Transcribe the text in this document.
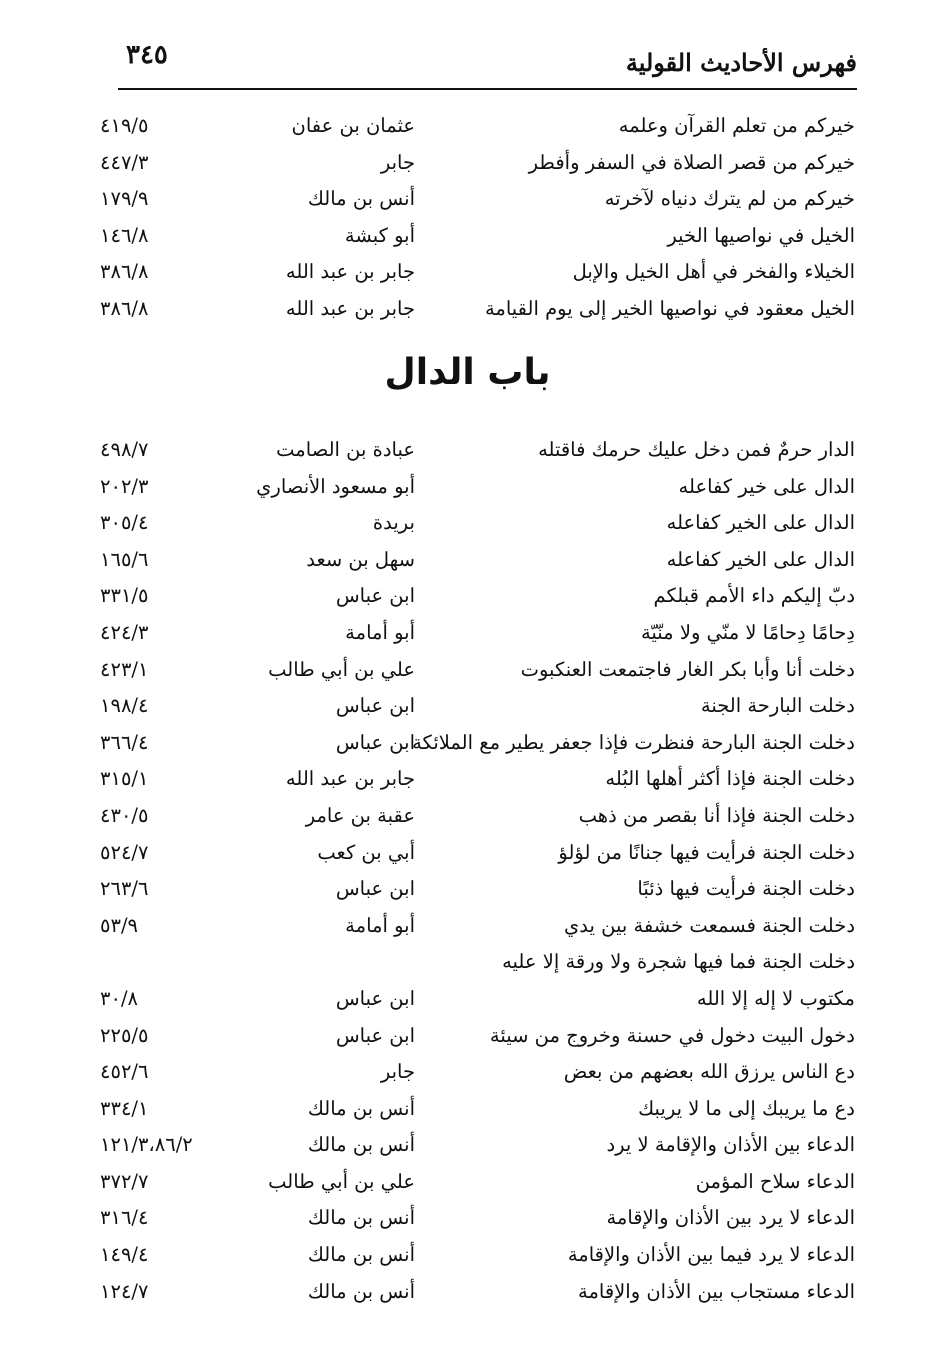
٣٤٥	فهرس الأحاديث القولية
خيركم من تعلم القرآن وعلمه
عثمان بن عفان
٤١٩/٥
خيركم من قصر الصلاة في السفر وأفطر
جابر
٤٤٧/٣
خيركم من لم يترك دنياه لآخرته
أنس بن مالك
١٧٩/٩
الخيل في نواصيها الخير
أبو كبشة
١٤٦/٨
الخيلاء والفخر في أهل الخيل والإبل
جابر بن عبد الله
٣٨٦/٨
الخيل معقود في نواصيها الخير إلى يوم القيامة
جابر بن عبد الله
٣٨٦/٨
باب الدال
الدار حرمٌ فمن دخل عليك حرمك فاقتله
عبادة بن الصامت
٤٩٨/٧
الدال على خير كفاعله
أبو مسعود الأنصاري
٢٠٢/٣
الدال على الخير كفاعله
بريدة
٣٠٥/٤
الدال على الخير كفاعله
سهل بن سعد
١٦٥/٦
دبّ إليكم داء الأمم قبلكم
ابن عباس
٣٣١/٥
دِحامًا دِحامًا لا منّي ولا منّيّة
أبو أمامة
٤٢٤/٣
دخلت أنا وأبا بكر الغار فاجتمعت العنكبوت
علي بن أبي طالب
٤٢٣/١
دخلت البارحة الجنة
ابن عباس
١٩٨/٤
دخلت الجنة البارحة فنظرت فإذا جعفر يطير مع الملائكة
ابن عباس
٣٦٦/٤
دخلت الجنة فإذا أكثر أهلها البُله
جابر بن عبد الله
٣١٥/١
دخلت الجنة فإذا أنا بقصر من ذهب
عقبة بن عامر
٤٣٠/٥
دخلت الجنة فرأيت فيها جنانًا من لؤلؤ
أبي بن كعب
٥٢٤/٧
دخلت الجنة فرأيت فيها ذئبًا
ابن عباس
٢٦٣/٦
دخلت الجنة فسمعت خشفة بين يدي
أبو أمامة
٥٣/٩
دخلت الجنة فما فيها شجرة ولا ورقة إلا عليه
مكتوب لا إله إلا الله
ابن عباس
٣٠/٨
دخول البيت دخول في حسنة وخروج من سيئة
ابن عباس
٢٢٥/٥
دع الناس يرزق الله بعضهم من بعض
جابر
٤٥٢/٦
دع ما يريبك إلى ما لا يريبك
أنس بن مالك
٣٣٤/١
الدعاء بين الأذان والإقامة لا يرد
أنس بن مالك
١٢١/٣،٨٦/٢
الدعاء سلاح المؤمن
علي بن أبي طالب
٣٧٢/٧
الدعاء لا يرد بين الأذان والإقامة
أنس بن مالك
٣١٦/٤
الدعاء لا يرد فيما بين الأذان والإقامة
أنس بن مالك
١٤٩/٤
الدعاء مستجاب بين الأذان والإقامة
أنس بن مالك
١٢٤/٧
